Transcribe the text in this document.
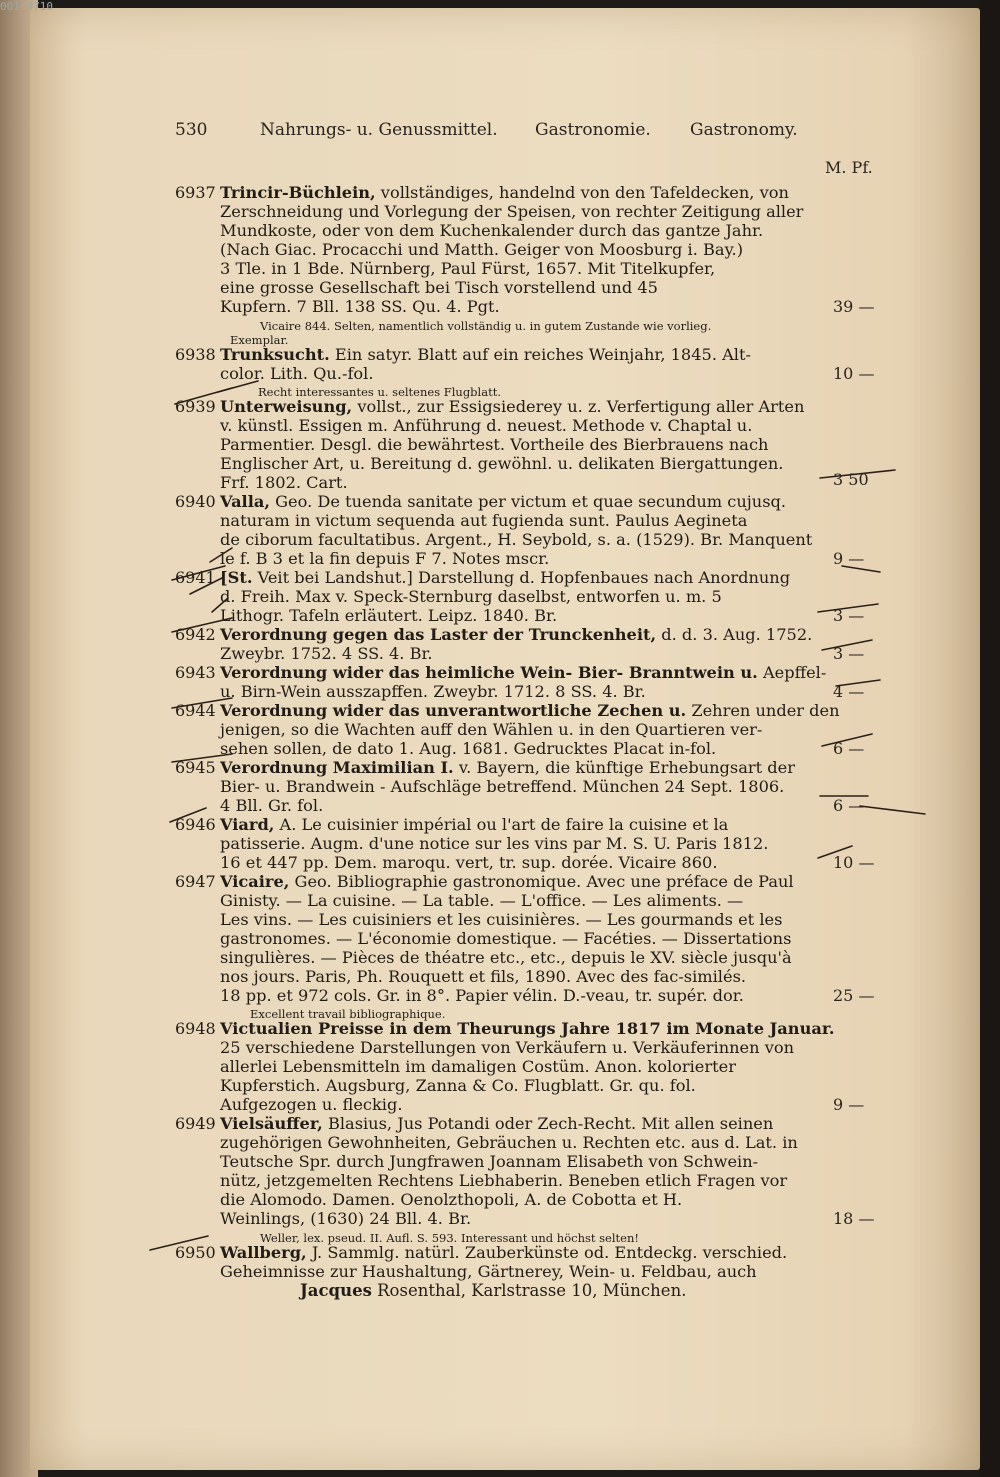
00114710
530	Nahrungs- u. Genussmittel. Gastronomie. Gastronomy.
M. Pf.
6937 Trincir-Büchlein, vollständiges, handelnd von den Tafeldecken, von
Zerschneidung und Vorlegung der Speisen, von rechter Zeitigung aller
Mundkoste, oder von dem Kuchenkalender durch das gantze Jahr.
(Nach Giac. Procacchi und Matth. Geiger von Moosburg i. Bay.)
3 Tle. in 1 Bde. Nürnberg, Paul Fürst, 1657. Mit Titelkupfer,
eine grosse Gesellschaft bei Tisch vorstellend und 45
Kupfern. 7 Bll. 138 SS. Qu. 4. Pgt.
Vicaire 844. Selten, namentlich vollständig u. in gutem Zustande wie vorlieg.
Exemplar.
6938 Trunksucht. Ein satyr. Blatt auf ein reiches Weinjahr, 1845. Alt-
color. Lith. Qu.-fol.
Recht interessantes u. seltenes Flugblatt.
6939 Unterweisung, vollst., zur Essigsiederey u. z. Verfertigung aller Arten
v. künstl. Essigen m. Anführung d. neuest. Methode v. Chaptal u.
Parmentier. Desgl. die bewährtest. Vortheile des Bierbrauens nach
Englischer Art, u. Bereitung d. gewöhnl. u. delikaten Biergattungen.
Frf. 1802. Cart.
6940 Valla, Geo. De tuenda sanitate per victum et quae secundum cujusq.
naturam in victum sequenda aut fugienda sunt. Paulus Aegineta
de ciborum facultatibus. Argent., H. Seybold, s. a. (1529). Br. Manquent
le f. B 3 et la fin depuis F 7. Notes mscr.
6941 [St. Veit bei Landshut.] Darstellung d. Hopfenbaues nach Anordnung
d. Freih. Max v. Speck-Sternburg daselbst, entworfen u. m. 5
Lithogr. Tafeln erläutert. Leipz. 1840. Br.
6942 Verordnung gegen das Laster der Trunckenheit, d. d. 3. Aug. 1752.
Zweybr. 1752. 4 SS. 4. Br.
6943 Verordnung wider das heimliche Wein- Bier- Branntwein u. Aepffel-
u. Birn-Wein ausszapffen. Zweybr. 1712. 8 SS. 4. Br.
6944 Verordnung wider das unverantwortliche Zechen u. Zehren under den
jenigen, so die Wachten auff den Wählen u. in den Quartieren ver-
sehen sollen, de dato 1. Aug. 1681. Gedrucktes Placat in-fol.
6945 Verordnung Maximilian I. v. Bayern, die künftige Erhebungsart der
Bier- u. Brandwein - Aufschläge betreffend. München 24 Sept. 1806.
4 Bll. Gr. fol.
6946 Viard, A. Le cuisinier impérial ou l'art de faire la cuisine et la
patisserie. Augm. d'une notice sur les vins par M. S. U. Paris 1812.
16 et 447 pp. Dem. maroqu. vert, tr. sup. dorée. Vicaire 860.
6947 Vicaire, Geo. Bibliographie gastronomique. Avec une préface de Paul
Ginisty. — La cuisine. — La table. — L'office. — Les aliments. —
Les vins. — Les cuisiniers et les cuisinières. — Les gourmands et les
gastronomes. — L'économie domestique. — Facéties. — Dissertations
singulières. — Pièces de théatre etc., etc., depuis le XV. siècle jusqu'à
nos jours. Paris, Ph. Rouquett et fils, 1890. Avec des fac-similés.
18 pp. et 972 cols. Gr. in 8°. Papier vélin. D.-veau, tr. supér. dor.
Excellent travail bibliographique.
6948 Victualien Preisse in dem Theurungs Jahre 1817 im Monate Januar.
25 verschiedene Darstellungen von Verkäufern u. Verkäuferinnen von
allerlei Lebensmitteln im damaligen Costüm. Anon. kolorierter
Kupferstich. Augsburg, Zanna & Co. Flugblatt. Gr. qu. fol.
Aufgezogen u. fleckig.
6949 Vielsäuffer, Blasius, Jus Potandi oder Zech-Recht. Mit allen seinen
zugehörigen Gewohnheiten, Gebräuchen u. Rechten etc. aus d. Lat. in
Teutsche Spr. durch Jungfrawen Joannam Elisabeth von Schwein-
nütz, jetzgemelten Rechtens Liebhaberin. Beneben etlich Fragen vor
die Alomodo. Damen. Oenolzthopoli, A. de Cobotta et H.
Weinlings, (1630) 24 Bll. 4. Br.
Weller, lex. pseud. II. Aufl. S. 593. Interessant und höchst selten!
6950 Wallberg, J. Sammlg. natürl. Zauberkünste od. Entdeckg. verschied.
Geheimnisse zur Haushaltung, Gärtnerey, Wein- u. Feldbau, auch
39 —
10 —
3 50
9 —
3 —
3 —
4 —
6 —
6 —
10 —
25 —
9 —
18 —
Jacques Rosenthal, Karlstrasse 10, München.
